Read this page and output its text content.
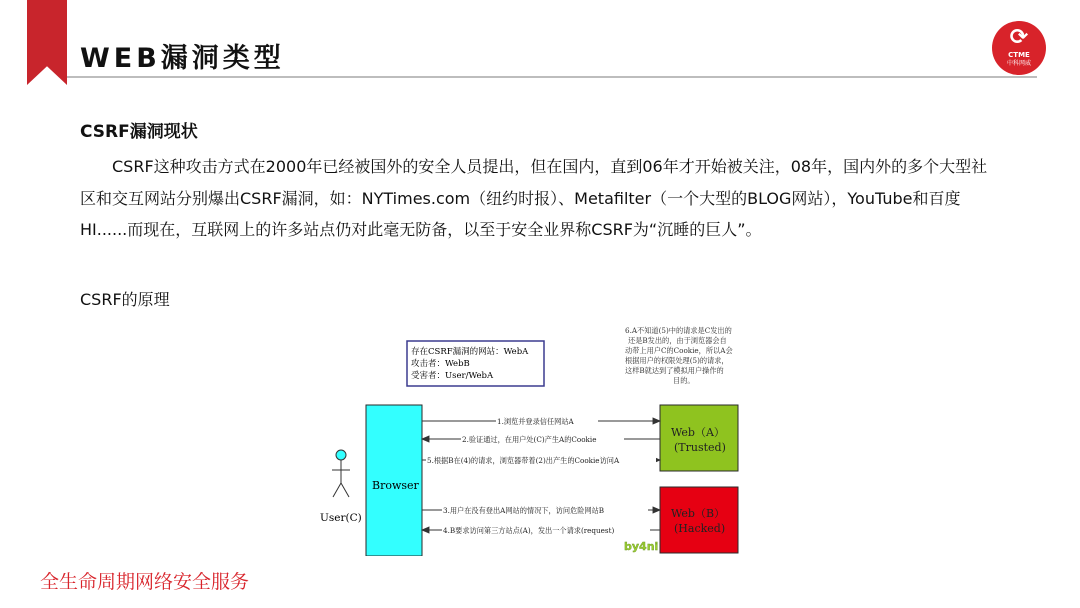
WEB漏洞类型
⟳
CTME
中科网威
CSRF漏洞现状

CSRF这种攻击方式在2000年已经被国外的安全人员提出，但在国内，直到06年才开始被关注，08年，国内外的多个大型社区和交互网站分别爆出CSRF漏洞，如：NYTimes.com（纽约时报）、Metafilter（一个大型的BLOG网站），YouTube和百度HI......而现在，互联网上的许多站点仍对此毫无防备，以至于安全业界称CSRF为“沉睡的巨人”。

CSRF的原理
存在CSRF漏洞的网站：WebA
攻击者：WebB
受害者：User/WebA
6.A不知道(5)中的请求是C发出的
还是B发出的，由于浏览器会自
动带上用户C的Cookie，所以A会
根据用户的权限处理(5)的请求，
这样B就达到了模拟用户操作的
目的。
Browser
User(C)
Web（A）
(Trusted)
Web（B）
(Hacked)
1.浏览并登录信任网站A
2.验证通过，在用户处(C)产生A的Cookie
5.根据B在(4)的请求，浏览器带着(2)出产生的Cookie访问A
3.用户在没有登出A网站的情况下，访问危险网站B
4.B要求访问第三方站点(A)，发出一个请求(request)
by4ni
全生命周期网络安全服务
